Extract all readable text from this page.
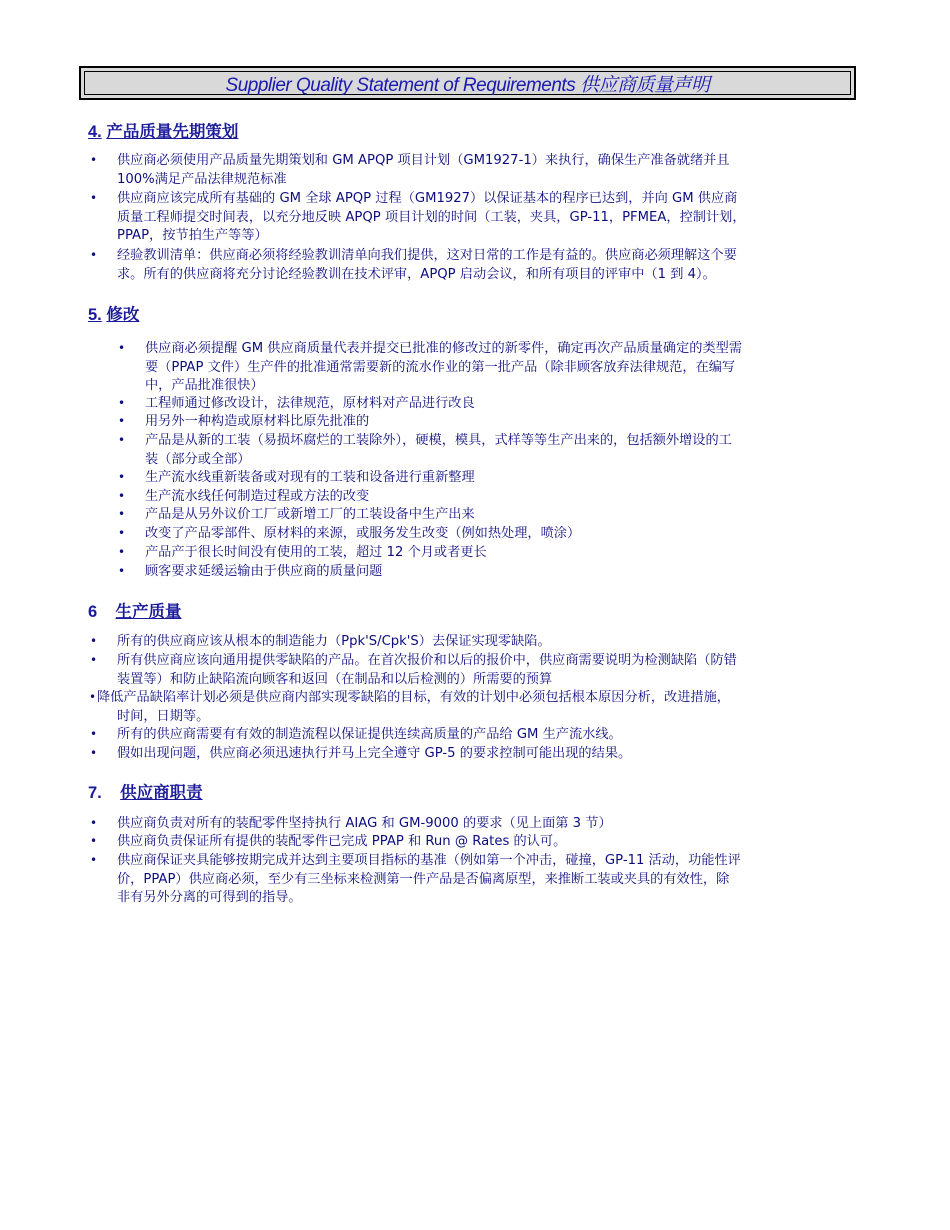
Supplier Quality Statement of Requirements 供应商质量声明
4. 产品质量先期策划
• 供应商必须使用产品质量先期策划和 GM APQP 项目计划（GM1927-1）来执行，确保生产准备就绪并且
100%满足产品法律规范标准
• 供应商应该完成所有基础的 GM 全球 APQP 过程（GM1927）以保证基本的程序已达到，并向 GM 供应商
质量工程师提交时间表，以充分地反映 APQP 项目计划的时间（工装，夹具，GP-11，PFMEA，控制计划，
PPAP，按节拍生产等等）
• 经验教训清单：供应商必须将经验教训清单向我们提供，这对日常的工作是有益的。供应商必须理解这个要
求。所有的供应商将充分讨论经验教训在技术评审，APQP 启动会议，和所有项目的评审中（1 到 4）。
5. 修改
• 供应商必须提醒 GM 供应商质量代表并提交已批准的修改过的新零件，确定再次产品质量确定的类型需
要（PPAP 文件）生产件的批准通常需要新的流水作业的第一批产品（除非顾客放弃法律规范，在编写
中，产品批准很快）
• 工程师通过修改设计，法律规范，原材料对产品进行改良
• 用另外一种构造或原材料比原先批准的
• 产品是从新的工装（易损坏腐烂的工装除外），硬模，模具，式样等等生产出来的，包括额外增设的工
装（部分或全部）
• 生产流水线重新装备或对现有的工装和设备进行重新整理
• 生产流水线任何制造过程或方法的改变
• 产品是从另外议价工厂或新增工厂的工装设备中生产出来
• 改变了产品零部件、原材料的来源，或服务发生改变（例如热处理，喷涂）
• 产品产于很长时间没有使用的工装，超过 12 个月或者更长
• 顾客要求延缓运输由于供应商的质量问题
6 生产质量
• 所有的供应商应该从根本的制造能力（Ppk'S/Cpk'S）去保证实现零缺陷。
• 所有供应商应该向通用提供零缺陷的产品。在首次报价和以后的报价中，供应商需要说明为检测缺陷（防错
装置等）和防止缺陷流向顾客和返回（在制品和以后检测的）所需要的预算
• 降低产品缺陷率计划必须是供应商内部实现零缺陷的目标，有效的计划中必须包括根本原因分析，改进措施，
时间，日期等。
• 所有的供应商需要有有效的制造流程以保证提供连续高质量的产品给 GM 生产流水线。
• 假如出现问题，供应商必须迅速执行并马上完全遵守 GP-5 的要求控制可能出现的结果。
7. 供应商职责
• 供应商负责对所有的装配零件坚持执行 AIAG 和 GM-9000 的要求（见上面第 3 节）
• 供应商负责保证所有提供的装配零件已完成 PPAP 和 Run @ Rates 的认可。
• 供应商保证夹具能够按期完成并达到主要项目指标的基准（例如第一个冲击，碰撞，GP-11 活动，功能性评
价，PPAP）供应商必须，至少有三坐标来检测第一件产品是否偏离原型，来推断工装或夹具的有效性，除
非有另外分离的可得到的指导。
